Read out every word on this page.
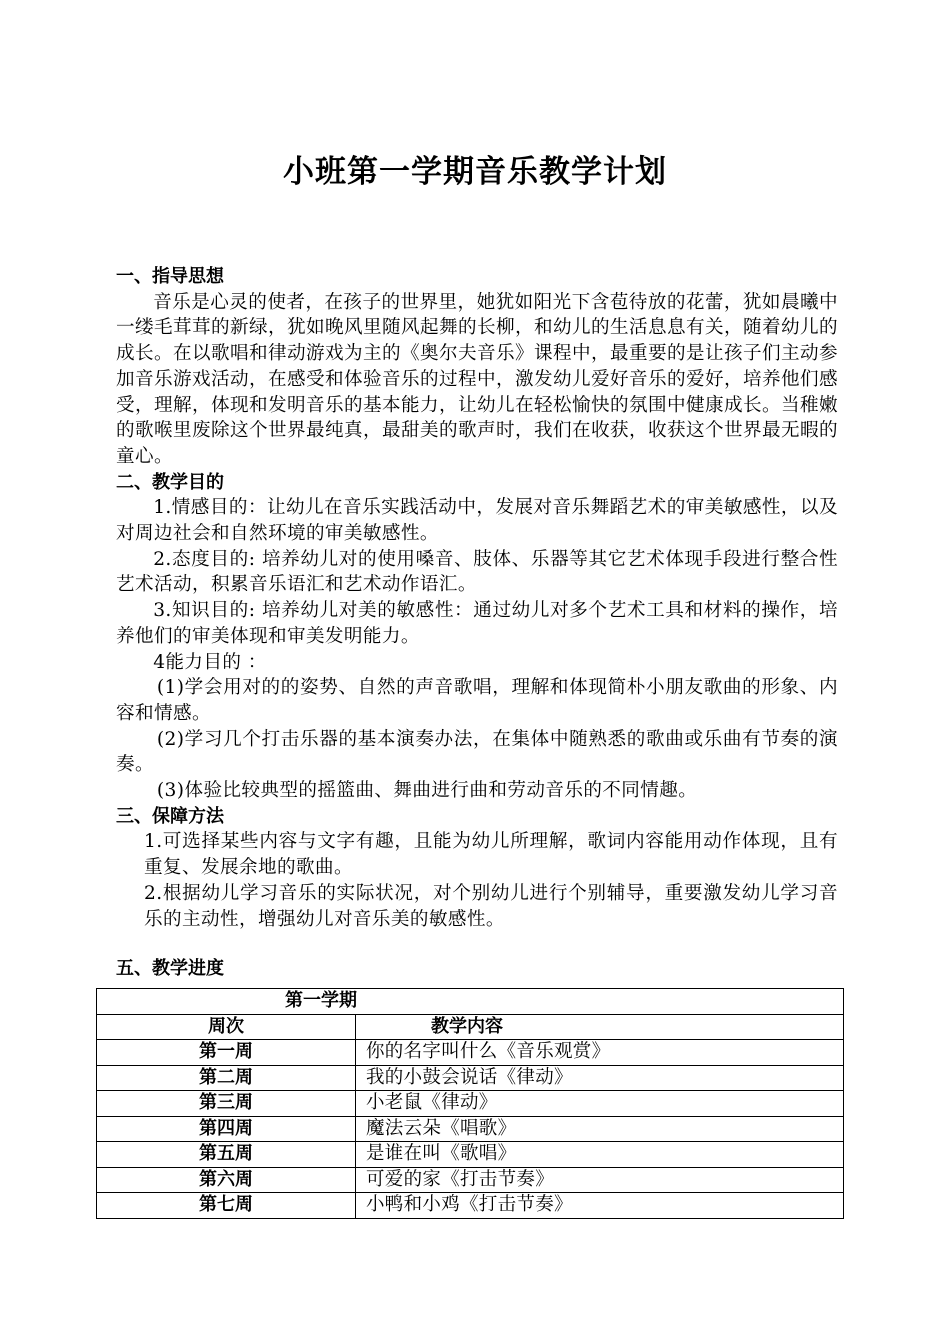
小班第一学期音乐教学计划

一、指导思想

音乐是心灵的使者，在孩子的世界里，她犹如阳光下含苞待放的花蕾，犹如晨曦中一缕毛茸茸的新绿，犹如晚风里随风起舞的长柳，和幼儿的生活息息有关，随着幼儿的成长。在以歌唱和律动游戏为主的《奥尔夫音乐》课程中，最重要的是让孩子们主动参加音乐游戏活动，在感受和体验音乐的过程中，激发幼儿爱好音乐的爱好，培养他们感受，理解，体现和发明音乐的基本能力，让幼儿在轻松愉快的氛围中健康成长。当稚嫩的歌喉里废除这个世界最纯真，最甜美的歌声时，我们在收获，收获这个世界最无暇的童心。

二、教学目的

1.情感目的：让幼儿在音乐实践活动中，发展对音乐舞蹈艺术的审美敏感性，以及对周边社会和自然环境的审美敏感性。

2.态度目的: 培养幼儿对的使用嗓音、肢体、乐器等其它艺术体现手段进行整合性艺术活动，积累音乐语汇和艺术动作语汇。

3.知识目的: 培养幼儿对美的敏感性：通过幼儿对多个艺术工具和材料的操作，培养他们的审美体现和审美发明能力。

4能力目的 ：

(1)学会用对的的姿势、自然的声音歌唱，理解和体现简朴小朋友歌曲的形象、内容和情感。

(2)学习几个打击乐器的基本演奏办法，在集体中随熟悉的歌曲或乐曲有节奏的演奏。

(3)体验比较典型的摇篮曲、舞曲进行曲和劳动音乐的不同情趣。

三、保障方法

1.可选择某些内容与文字有趣，且能为幼儿所理解，歌词内容能用动作体现，且有重复、发展余地的歌曲。

2.根据幼儿学习音乐的实际状况，对个别幼儿进行个别辅导，重要激发幼儿学习音乐的主动性，增强幼儿对音乐美的敏感性。

五、教学进度

第一学期	
周次	教学内容
第一周	你的名字叫什么《音乐观赏》
第二周	我的小鼓会说话《律动》
第三周	小老鼠《律动》
第四周	魔法云朵《唱歌》
第五周	是谁在叫《歌唱》
第六周	可爱的家《打击节奏》
第七周	小鸭和小鸡《打击节奏》
